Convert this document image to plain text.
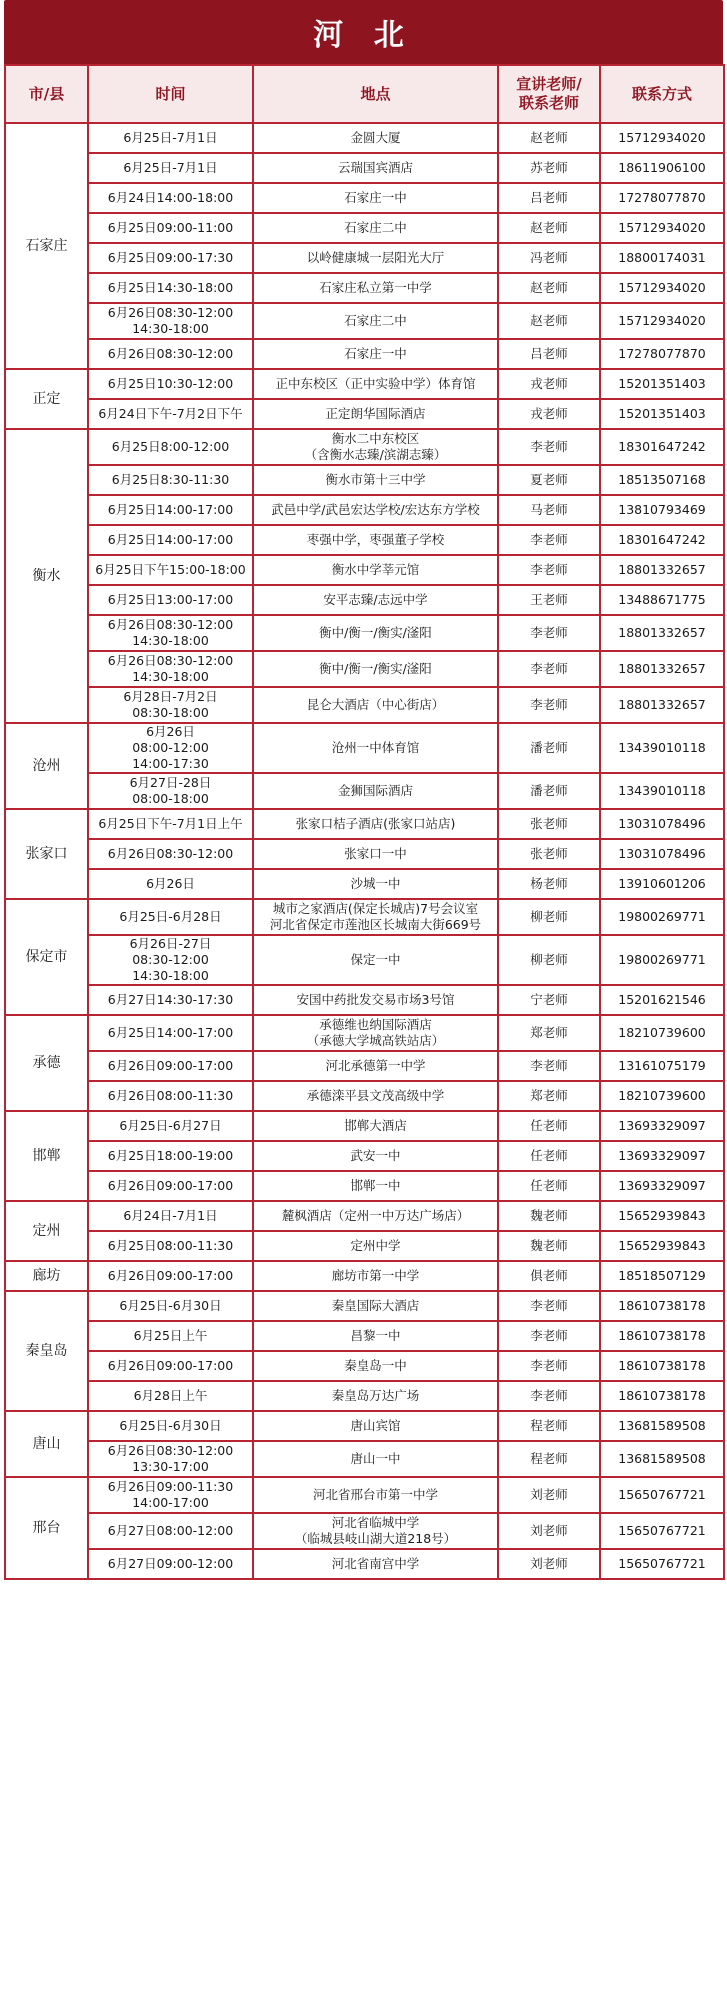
河 北
市/县	时间	地点	宣讲老师/
联系老师	联系方式
石家庄	6月25日-7月1日	金圆大厦	赵老师	15712934020
	6月25日-7月1日	云瑞国宾酒店	苏老师	18611906100
	6月24日14:00-18:00	石家庄一中	吕老师	17278077870
	6月25日09:00-11:00	石家庄二中	赵老师	15712934020
	6月25日09:00-17:30	以岭健康城一层阳光大厅	冯老师	18800174031
	6月25日14:30-18:00	石家庄私立第一中学	赵老师	15712934020
	6月26日08:30-12:00
14:30-18:00	石家庄二中	赵老师	15712934020
	6月26日08:30-12:00	石家庄一中	吕老师	17278077870
正定	6月25日10:30-12:00	正中东校区（正中实验中学）体育馆	戎老师	15201351403
	6月24日下午-7月2日下午	正定朗华国际酒店	戎老师	15201351403
衡水	6月25日8:00-12:00	衡水二中东校区
（含衡水志臻/滨湖志臻）	李老师	18301647242
	6月25日8:30-11:30	衡水市第十三中学	夏老师	18513507168
	6月25日14:00-17:00	武邑中学/武邑宏达学校/宏达东方学校	马老师	13810793469
	6月25日14:00-17:00	枣强中学，枣强董子学校	李老师	18301647242
	6月25日下午15:00-18:00	衡水中学莘元馆	李老师	18801332657
	6月25日13:00-17:00	安平志臻/志远中学	王老师	13488671775
	6月26日08:30-12:00
14:30-18:00	衡中/衡一/衡实/滏阳	李老师	18801332657
	6月26日08:30-12:00
14:30-18:00	衡中/衡一/衡实/滏阳	李老师	18801332657
	6月28日-7月2日
08:30-18:00	昆仑大酒店（中心街店）	李老师	18801332657
沧州	6月26日
08:00-12:00
14:00-17:30	沧州一中体育馆	潘老师	13439010118
	6月27日-28日
08:00-18:00	金狮国际酒店	潘老师	13439010118
张家口	6月25日下午-7月1日上午	张家口桔子酒店(张家口站店)	张老师	13031078496
	6月26日08:30-12:00	张家口一中	张老师	13031078496
	6月26日	沙城一中	杨老师	13910601206
保定市	6月25日-6月28日	城市之家酒店(保定长城店)7号会议室
河北省保定市莲池区长城南大街669号	柳老师	19800269771
	6月26日-27日
08:30-12:00
14:30-18:00	保定一中	柳老师	19800269771
	6月27日14:30-17:30	安国中药批发交易市场3号馆	宁老师	15201621546
承德	6月25日14:00-17:00	承德维也纳国际酒店
（承德大学城高铁站店）	郑老师	18210739600
	6月26日09:00-17:00	河北承德第一中学	李老师	13161075179
	6月26日08:00-11:30	承德滦平县文茂高级中学	郑老师	18210739600
邯郸	6月25日-6月27日	邯郸大酒店	任老师	13693329097
	6月25日18:00-19:00	武安一中	任老师	13693329097
	6月26日09:00-17:00	邯郸一中	任老师	13693329097
定州	6月24日-7月1日	麓枫酒店（定州一中万达广场店）	魏老师	15652939843
	6月25日08:00-11:30	定州中学	魏老师	15652939843
廊坊	6月26日09:00-17:00	廊坊市第一中学	俱老师	18518507129
秦皇岛	6月25日-6月30日	秦皇国际大酒店	李老师	18610738178
	6月25日上午	昌黎一中	李老师	18610738178
	6月26日09:00-17:00	秦皇岛一中	李老师	18610738178
	6月28日上午	秦皇岛万达广场	李老师	18610738178
唐山	6月25日-6月30日	唐山宾馆	程老师	13681589508
	6月26日08:30-12:00
13:30-17:00	唐山一中	程老师	13681589508
邢台	6月26日09:00-11:30
14:00-17:00	河北省邢台市第一中学	刘老师	15650767721
	6月27日08:00-12:00	河北省临城中学
（临城县岐山湖大道218号）	刘老师	15650767721
	6月27日09:00-12:00	河北省南宫中学	刘老师	15650767721
